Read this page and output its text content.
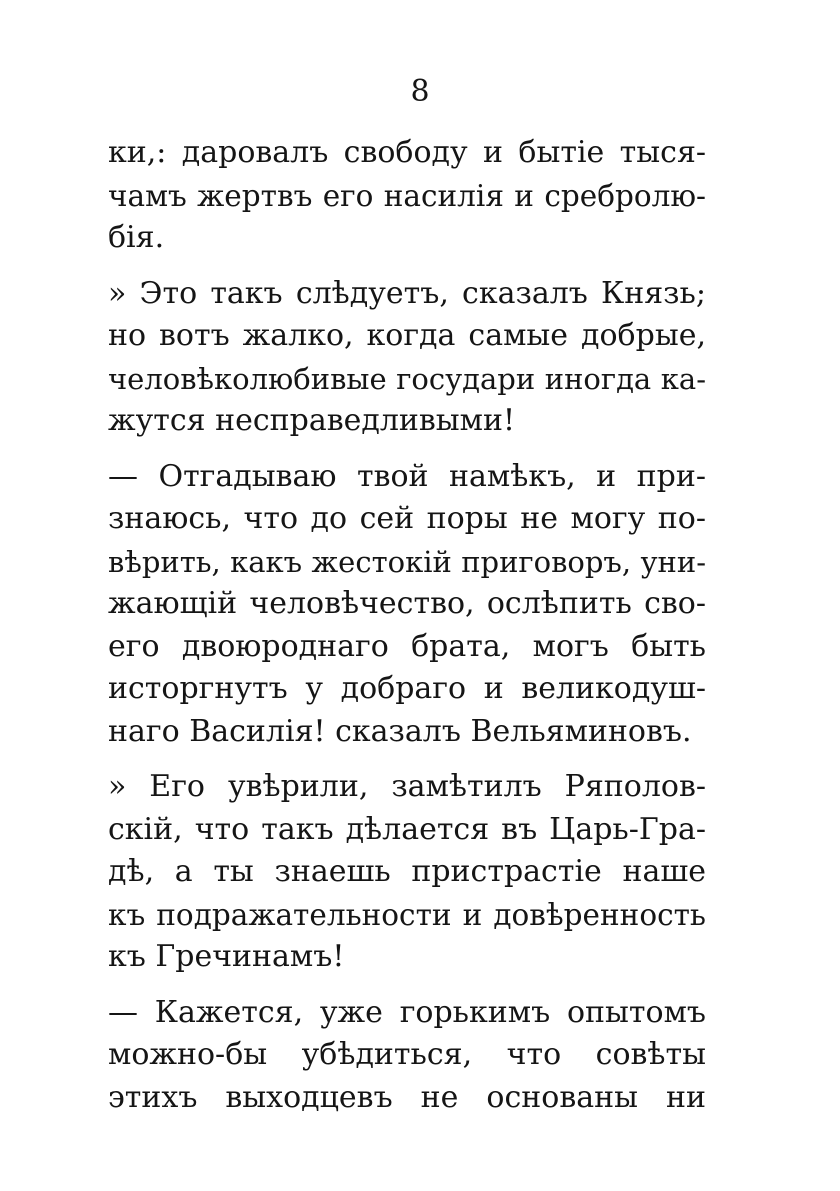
8

ки,: даровалъ свободу и бытіе тыся-
чамъ жертвъ его насилія и сребролю-
бія.

» Это такъ слѣдуетъ, сказалъ Князь;
но вотъ жалко, когда самые добрые,
человѣколюбивые государи иногда ка-
жутся несправедливыми!

— Отгадываю твой намѣкъ, и при-
знаюсь, что до сей поры не могу по-
вѣрить, какъ жестокій приговоръ, уни-
жающій человѣчество, ослѣпить сво-
его двоюроднаго брата, могъ быть
исторгнутъ у добраго и великодуш-
наго Василія! сказалъ Вельяминовъ.

» Его увѣрили, замѣтилъ Ряполов-
скій, что такъ дѣлается въ Царь-Гра-
дѣ, а ты знаешь пристрастіе наше
къ подражательности и довѣренность
къ Гречинамъ!

— Кажется, уже горькимъ опытомъ
можно-бы убѣдиться, что совѣты
этихъ выходцевъ не основаны ни
